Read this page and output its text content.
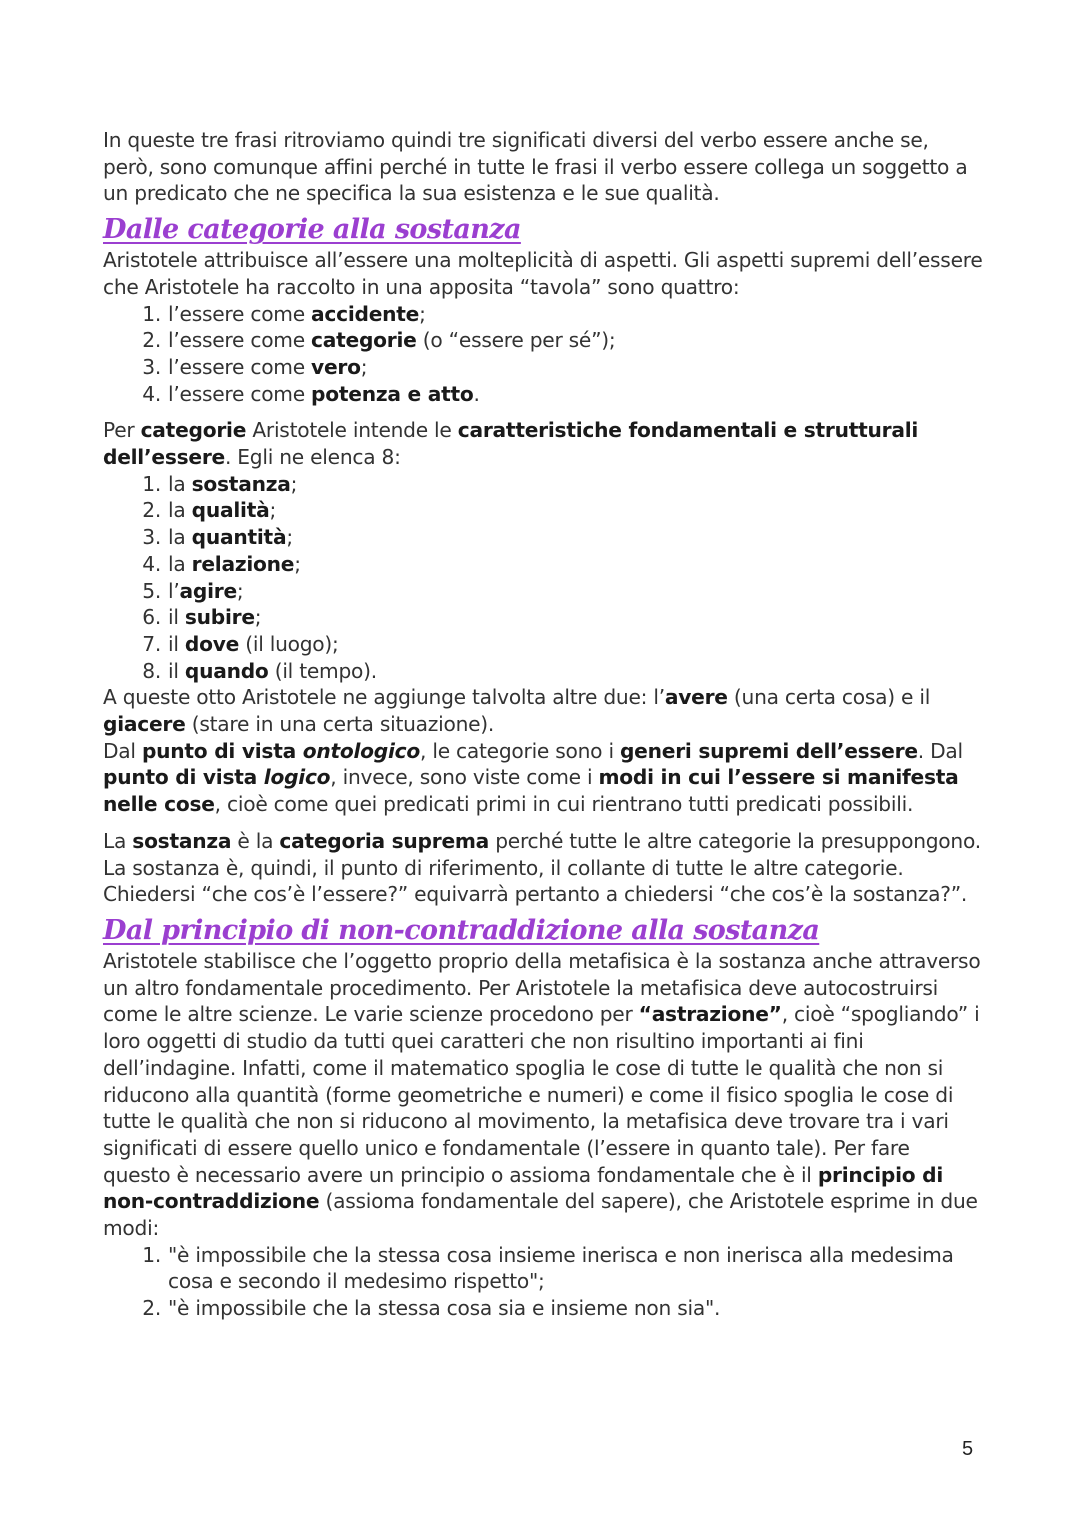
In queste tre frasi ritroviamo quindi tre significati diversi del verbo essere anche se, però, sono comunque affini perché in tutte le frasi il verbo essere collega un soggetto a un predicato che ne specifica la sua esistenza e le sue qualità.

Dalle categorie alla sostanza

Aristotele attribuisce all’essere una molteplicità di aspetti. Gli aspetti supremi dell’essere che Aristotele ha raccolto in una apposita “tavola” sono quattro:

1. l’essere come accidente;
2. l’essere come categorie (o “essere per sé”);
3. l’essere come vero;
4. l’essere come potenza e atto.

Per categorie Aristotele intende le caratteristiche fondamentali e strutturali dell’essere. Egli ne elenca 8:

1. la sostanza;
2. la qualità;
3. la quantità;
4. la relazione;
5. l’agire;
6. il subire;
7. il dove (il luogo);
8. il quando (il tempo).

A queste otto Aristotele ne aggiunge talvolta altre due: l’avere (una certa cosa) e il giacere (stare in una certa situazione).

Dal punto di vista ontologico, le categorie sono i generi supremi dell’essere. Dal punto di vista logico, invece, sono viste come i modi in cui l’essere si manifesta nelle cose, cioè come quei predicati primi in cui rientrano tutti predicati possibili.

La sostanza è la categoria suprema perché tutte le altre categorie la presuppongono. La sostanza è, quindi, il punto di riferimento, il collante di tutte le altre categorie. Chiedersi “che cos’è l’essere?” equivarrà pertanto a chiedersi “che cos’è la sostanza?”.

Dal principio di non-contraddizione alla sostanza

Aristotele stabilisce che l’oggetto proprio della metafisica è la sostanza anche attraverso un altro fondamentale procedimento. Per Aristotele la metafisica deve autocostruirsi come le altre scienze. Le varie scienze procedono per “astrazione”, cioè “spogliando” i loro oggetti di studio da tutti quei caratteri che non risultino importanti ai fini dell’indagine. Infatti, come il matematico spoglia le cose di tutte le qualità che non si riducono alla quantità (forme geometriche e numeri) e come il fisico spoglia le cose di tutte le qualità che non si riducono al movimento, la metafisica deve trovare tra i vari significati di essere quello unico e fondamentale (l’essere in quanto tale). Per fare questo è necessario avere un principio o assioma fondamentale che è il principio di non-contraddizione (assioma fondamentale del sapere), che Aristotele esprime in due modi:

1. "è impossibile che la stessa cosa insieme inerisca e non inerisca alla medesima cosa e secondo il medesimo rispetto";
2. "è impossibile che la stessa cosa sia e insieme non sia".
5
